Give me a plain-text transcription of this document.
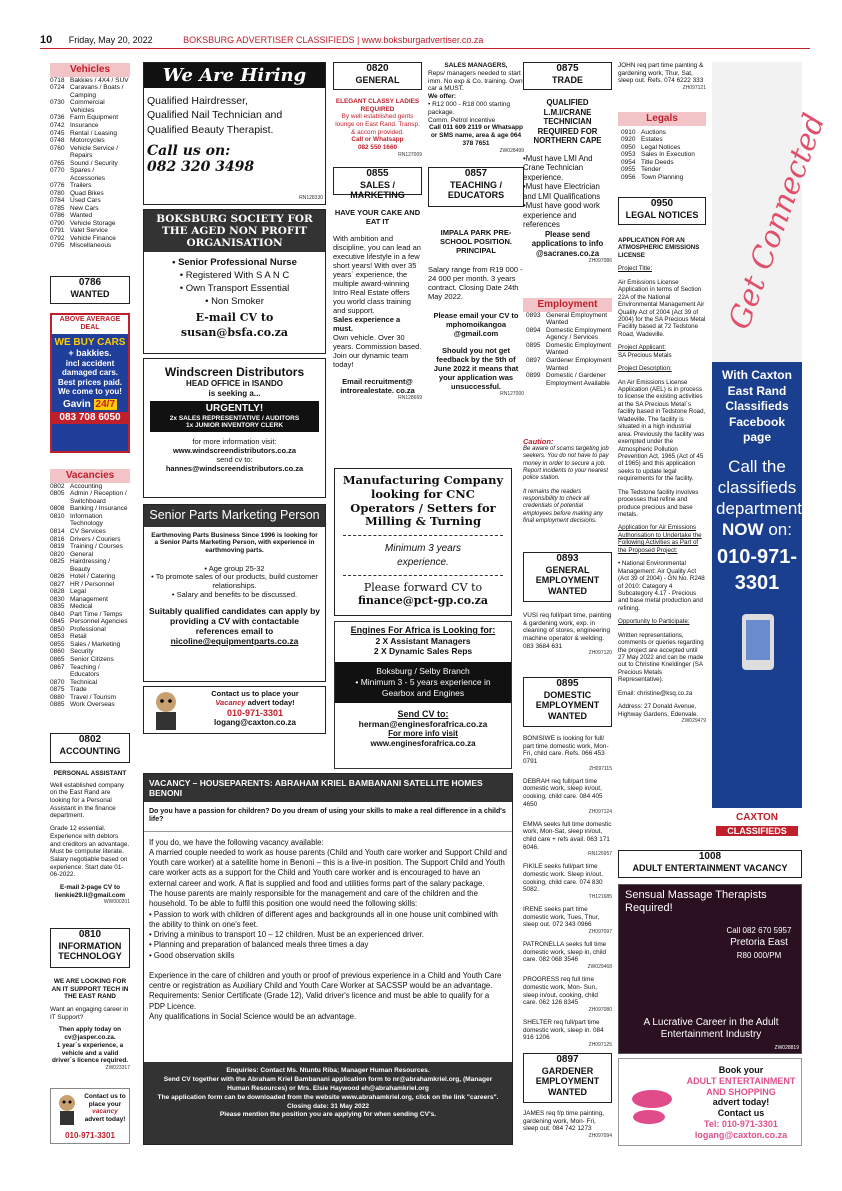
10 Friday, May 20, 2022	BOKSBURG ADVERTISER CLASSIFIEDS | www.boksburgadvertiser.co.za
Vehicles
0718 Bakkies / 4X4 / SUV
0724 Caravans / Boats / Camping
0730 Commercial Vehicles
0736 Farm Equipment
0742 Insurance
0745 Rental / Leasing
0748 Motorcycles
0760 Vehicle Service / Repairs
0765 Sound / Security
0770 Spares / Accessories
0776 Trailers
0780 Quad Bikes
0784 Used Cars
0785 New Cars
0786 Wanted
0790 Vehicle Storage
0791 Valet Service
0792 Vehicle Finance
0795 Miscellaneous
0786
WANTED
ABOVE AVERAGE DEAL
WE BUY CARS
+ bakkies.
incl accident
damaged cars.
Best prices paid.
We come to you!
Gavin 24/7
083 708 6050
Vacancies
0802 Accounting
0805 Admin / Reception / Switchboard
0808 Banking / Insurance
0810 Information Technology
0814 CV Services
0816 Drivers / Couriers
0819 Training / Courses
0820 General
0825 Hairdressing / Beauty
0826 Hotel / Catering
0827 HR / Personnel
0828 Legal
0830 Management
0835 Medical
0840 Part Time / Temps
0845 Personnel Agencies
0850 Professional
0853 Retail
0855 Sales / Marketing
0860 Security
0865 Senior Citizens
0867 Teaching / Educators
0870 Technical
0875 Trade
0880 Travel / Tourism
0885 Work Overseas
0802
ACCOUNTING
PERSONAL ASSISTANT

Well established company on the East Rand are looking for a Personal Assistant in the finance department.

Grade 12 essential. Experience with debtors and creditors an advantage. Must be computer literate. Salary negotiable based on experience. Start date 01-06-2022.

E-mail 2-page CV to lienkie29.ll@gmail.com

WW000201
0810
INFORMATION TECHNOLOGY
WE ARE LOOKING FOR AN IT SUPPORT TECH IN THE EAST RAND

Want an engaging career in IT Support?

Then apply today on cv@jasper.co.za.

1 year`s experience, a vehicle and a valid driver`s licence required.

ZW023317
Contact us to
place your
vacancy
advert today!
010-971-3301
We Are Hiring
Qualified Hairdresser,
Qualified Nail Technician and
Qualified Beauty Therapist.
Call us on:
082 320 3498
RN128330
BOKSBURG SOCIETY FOR THE AGED NON PROFIT ORGANISATION
• Senior Professional Nurse
• Registered With S A N C
• Own Transport Essential
• Non Smoker
E-mail CV to
susan@bsfa.co.za
Windscreen Distributors
HEAD OFFICE in ISANDO
is seeking a...
URGENTLY!
2x SALES REPRESENTATIVE / AUDITORS
1x JUNIOR INVENTORY CLERK
for more information visit:
www.windscreendistributors.co.za
send cv to:
hannes@windscreendistributors.co.za
Senior Parts Marketing Person
Earthmoving Parts Business Since 1996 is looking for a Senior Parts Marketing Person, with experience in earthmoving parts.
• Age group 25-32
• To promote sales of our products, build customer relationships.
• Salary and benefits to be discussed.
Suitably qualified candidates can apply by providing a CV with contactable references email to
nicoline@equipmentparts.co.za
Contact us to place your
Vacancy advert today!
010-971-3301
logang@caxton.co.za
0820
GENERAL
ELEGANT CLASSY LADIES REQUIRED
By well established gents lounge on East Rand. Transp. & accom provided.
Call or Whatsapp
082 550 1660
RN127009
0855
SALES / MARKETING
HAVE YOUR CAKE AND EAT IT

With ambition and discipline, you can lead an executive lifestyle in a few short years! With over 35 years` experience, the multiple award-winning Intro Real Estate offers you world class training and support.

Sales experience a must.

Own vehicle. Over 30 years. Commission based. Join our dynamic team today!

Email recruitment@ introrealestate. co.za

RN128669
SALES MANAGERS,
Reps/ managers needed to start imm. No exp & Co. training. Own car a MUST.
We offer:
• R12 000 - R18 000 starting package.
Comm. Petrol incentive
Call 011 609 2119 or Whatsapp or SMS name, area & age 064 378 7651
ZW028499
0857
TEACHING / EDUCATORS
IMPALA PARK PRE-SCHOOL POSITION. PRINCIPAL

Salary range from R19 000 - 24 000 per month. 3 years contract. Closing Date 24th May 2022.

Please email your CV to mphomoikangoa @gmail.com

Should you not get feedback by the 5th of June 2022 it means that your application was unsuccessful.

RN127000
Manufacturing Company looking for CNC Operators / Setters for Milling & Turning
Minimum 3 years experience.
Please forward CV to
finance@pct-gp.co.za
Engines For Africa is Looking for:
2 X Assistant Managers
2 X Dynamic Sales Reps
Boksburg / Selby Branch
• Minimum 3 - 5 years experience in Gearbox and Engines
Send CV to:
herman@enginesforafrica.co.za
For more info visit
www.enginesforafrica.co.za
VACANCY – HOUSEPARENTS: ABRAHAM KRIEL BAMBANANI SATELLITE HOMES BENONI
Do you have a passion for children? Do you dream of using your skills to make a real difference in a child's life?

If you do, we have the following vacancy available:

A married couple needed to work as house parents (Child and Youth care worker and Support Child and Youth care worker) at a satellite home in Benoni – this is a live-in position. The Support Child and Youth care worker acts as a support for the Child and Youth care worker and is encouraged to have an external career and work. A flat is supplied and food and utilities forms part of the salary package.

The house parents are mainly responsible for the management and care of the children and the household. To be able to fulfil this position one would need the following skills:

• Passion to work with children of different ages and backgrounds all in one house unit combined with the ability to think on one's feet.

• Driving a minibus to transport 10 – 12 children. Must be an experienced driver.

• Planning and preparation of balanced meals three times a day

• Good observation skills

Experience in the care of children and youth or proof of previous experience in a Child and Youth Care centre or registration as Auxiliary Child and Youth Care Worker at SACSSP would be an advantage.

Requirements: Senior Certificate (Grade 12), Valid driver's licence and must be able to qualify for a PDP Licence.

Any qualifications in Social Science would be an advantage.

Enquiries: Contact Ms. Ntuntu Riba; Manager Human Resources.
Send CV together with the Abraham Kriel Bambanani application form to nr@abrahamkriel.org, (Manager Human Resources) or Mrs. Elsie Haywood eh@abrahamkriel.org
The application form can be downloaded from the website www.abrahamkriel.org, click on the link "careers".
Closing date: 31 May 2022
Please mention the position you are applying for when sending CV's.
0875
TRADE
QUALIFIED L.M.I/CRANE TECHNICIAN REQUIRED FOR NORTHERN CAPE

•Must have LMI And Crane Technician experience.

•Must have Electrician and LMI Qualifications

•Must have good work experience and references

Please send applications to info @sacranes.co.za

ZH097086
Employment
0893 General Employment Wanted
0894 Domestic Employment Agency / Services
0895 Domestic Employment Wanted
0897 Gardener Employment Wanted
0899 Domestic / Gardener Employment Available
Caution:

Be aware of scams targeting job seekers. You do not have to pay money in order to secure a job. Report incidents to your nearest police station.

It remains the readers responsibility to check all credentials of potential employees before making any final employment decisions.

0893
GENERAL EMPLOYMENT WANTED

VUSI req full/part time, painting & gardening work, exp. in cleaning of stores, engineering machine operator & welding. 083 3684 631

ZH097120
0895
DOMESTIC EMPLOYMENT WANTED

BONISIWE is looking for full/ part time domestic work, Mon-Fri, child care. Refs. 066 453 0791

ZH097115

DEBRAH req full/part time domestic work, sleep in/out, cooking, child care. 084 405 4650

ZH097124

EMMA seeks full time domestic work, Mon-Sat, sleep in/out, child care + refs avail. 063 171 6046.

RN126957

FIKILE seeks full/part time domestic work. Sleep in/out, cooking, child care. 074 830 5082.

TH121685

IRENE seeks part time domestic work, Tues, Thur, sleep out. 072 343 0966

ZH097097

PATRONELLA seeks full time domestic work, sleep in, child care. 082 068 3546

ZW029468

PROGRESS req full time domestic work, Mon- Sun, sleep in/out, cooking, child care. 062 126 8345

ZH097080

SHELTER req full/part time domestic work, sleep in. 084 916 1206

ZH097125
0897
GARDENER EMPLOYMENT WANTED

JAMES req f/p time painting, gardening work, Mon- Fri, sleep out. 084 742 1273

ZH097094

JOHN req part time painting & gardening work, Thur, Sat, sleep out. Refs. 074 6222 333

ZH097121
Legals
0910 Auctions
0920 Estates
0950 Legal Notices
0953 Sales In Execution
0954 Title Deeds
0955 Tender
0956 Town Planning
0950
LEGAL NOTICES
APPLICATION FOR AN ATMOSPHERIC EMISSIONS LICENSE

Project Title:

Air Emissions License Application in terms of Section 22A of the National Environmental Management Air Quality Act of 2004 (Act 39 of 2004) for the SA Precious Metal Facility based at 72 Tedstone Road, Wadeville.

Project Applicant:

SA Precious Metals

Project Description:

An Air Emissions License Application (AEL) is in process to license the existing activities at the SA Precious Metal`s facility based in Tedstone Road, Wadeville. The facility is situated in a high industrial area. Previously the facility was exempted under the Atmospheric Pollution Prevention Act, 1965 (Act of 45 of 1965) and this application seeks to update legal requirements for the facility.

The Tedstone facility involves processes that refine and produce precious and base metals.

Application for Air Emissions Authorisation to Undertake the Following Activities as Part of the Proposed Project:

• National Environmental Management: Air Quality Act (Act 39 of 2004) - GN No. R248 of 2010: Category 4 Subcategory 4.17 - Precious and base metal production and refining.

Opportunity to Participate:

Written representations, comments or queries regarding the project are accepted until 27 May 2022 and can be made out to Christine Kneldinger (SA Precious Metals Representative).

Email: christine@ksq.co.za

Address: 27 Donald Avenue, Highway Gardens, Edenvale.

ZW029479
Get Connected
With Caxton East Rand Classifieds Facebook page
Call the classifieds department
NOW on:
010-971-3301
CAXTON
CLASSIFIEDS
1008
ADULT ENTERTAINMENT VACANCY
Sensual Massage Therapists Required!
Call 082 670 5957
Pretoria East
R80 000/PM
A Lucrative Career in the Adult Entertainment Industry
ZW028819
Book your
ADULT ENTERTAINMENT AND SHOPPING
advert today!
Contact us
Tel: 010-971-3301
logang@caxton.co.za
